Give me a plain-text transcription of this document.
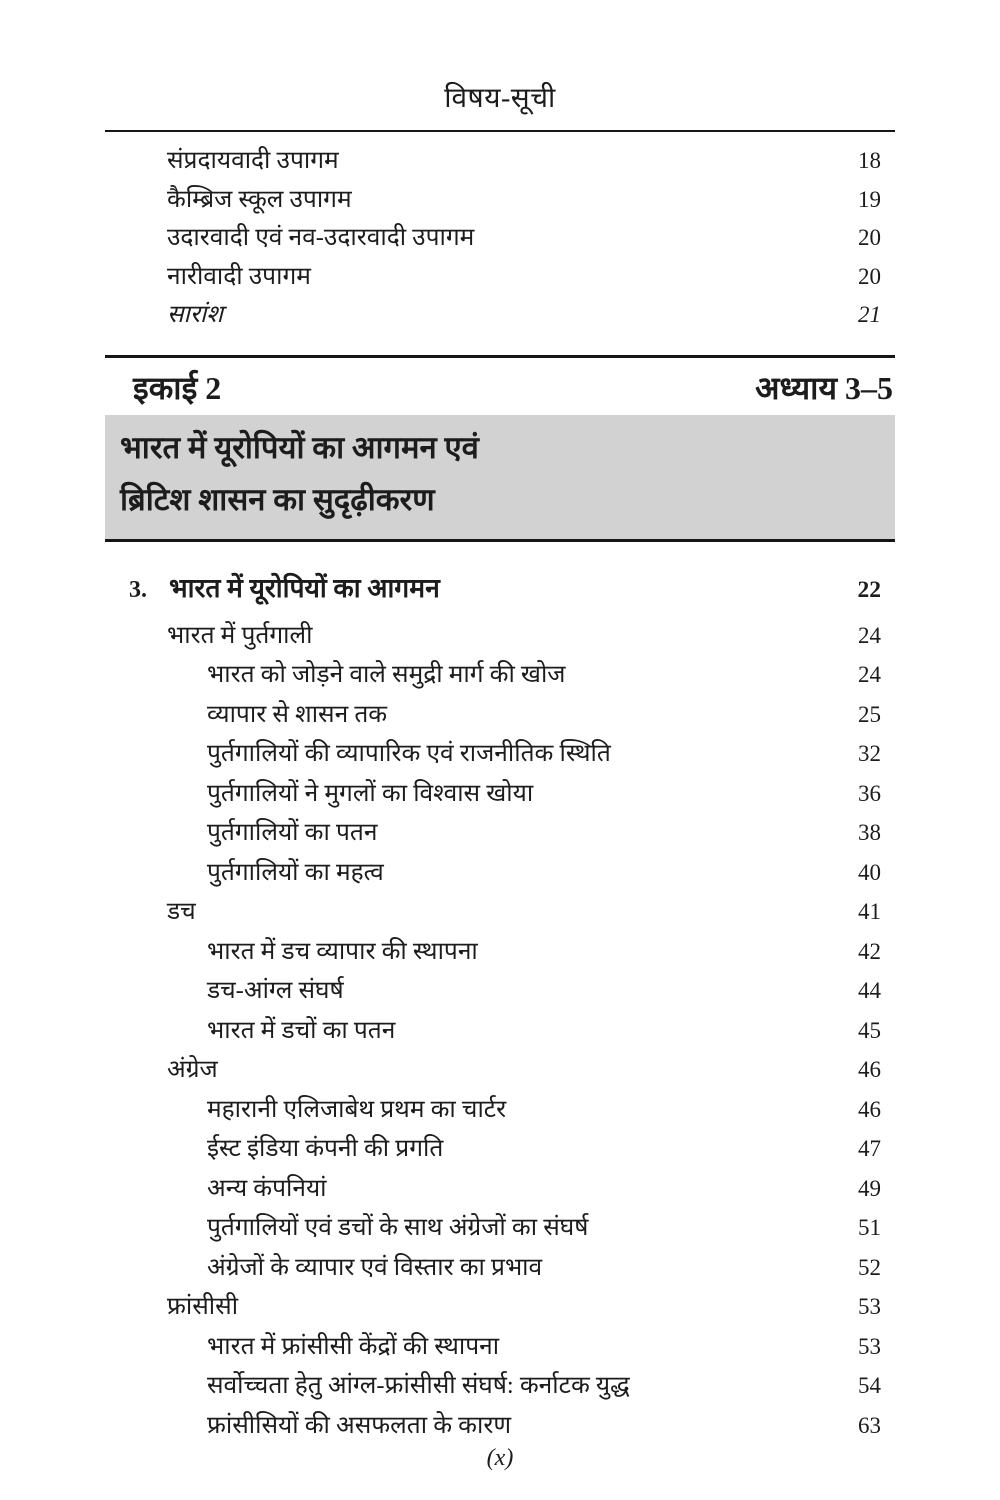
विषय-सूची
संप्रदायवादी उपागम	18
कैम्ब्रिज स्कूल उपागम	19
उदारवादी एवं नव-उदारवादी उपागम	20
नारीवादी उपागम	20
सारांश	21
इकाई 2	अध्याय 3–5
भारत में यूरोपियों का आगमन एवं
ब्रिटिश शासन का सुदृढ़ीकरण
3. भारत में यूरोपियों का आगमन	22
भारत में पुर्तगाली	24
भारत को जोड़ने वाले समुद्री मार्ग की खोज	24
व्यापार से शासन तक	25
पुर्तगालियों की व्यापारिक एवं राजनीतिक स्थिति	32
पुर्तगालियों ने मुगलों का विश्वास खोया	36
पुर्तगालियों का पतन	38
पुर्तगालियों का महत्व	40
डच	41
भारत में डच व्यापार की स्थापना	42
डच-आंग्ल संघर्ष	44
भारत में डचों का पतन	45
अंग्रेज	46
महारानी एलिजाबेथ प्रथम का चार्टर	46
ईस्ट इंडिया कंपनी की प्रगति	47
अन्य कंपनियां	49
पुर्तगालियों एवं डचों के साथ अंग्रेजों का संघर्ष	51
अंग्रेजों के व्यापार एवं विस्तार का प्रभाव	52
फ्रांसीसी	53
भारत में फ्रांसीसी केंद्रों की स्थापना	53
सर्वोच्चता हेतु आंग्ल-फ्रांसीसी संघर्ष: कर्नाटक युद्ध	54
फ्रांसीसियों की असफलता के कारण	63
(x)
